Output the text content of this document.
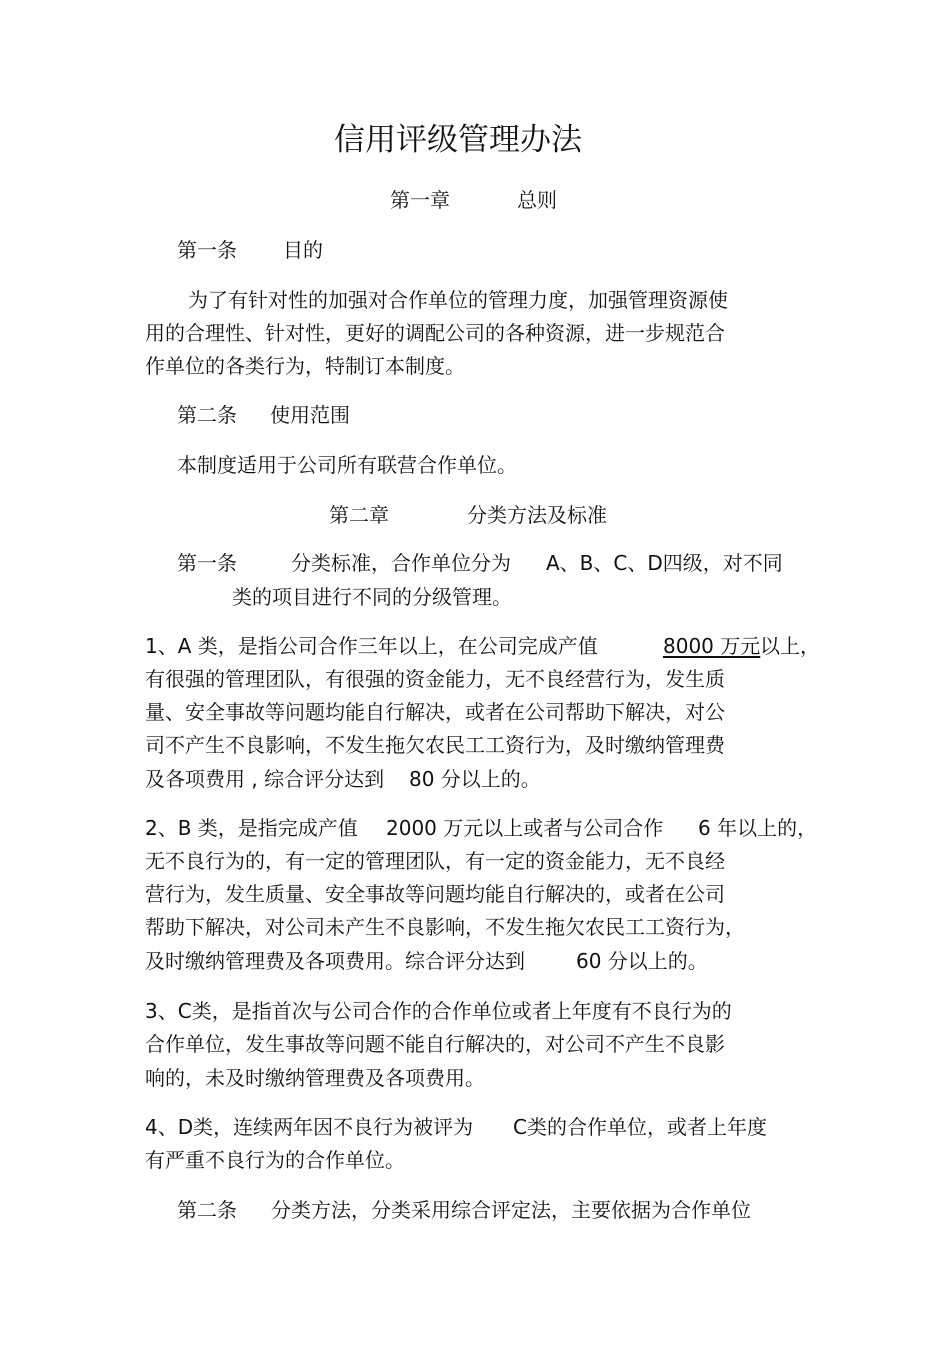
信用评级管理办法
第一章	总则
第一条 目的
为了有针对性的加强对合作单位的管理力度，加强管理资源使
用的合理性、针对性，更好的调配公司的各种资源，进一步规范合
作单位的各类行为，特制订本制度。
第二条 使用范围
本制度适用于公司所有联营合作单位。
第二章	分类方法及标准
第一条	分类标准，合作单位分为 A、B、C、D四级，对不同
类的项目进行不同的分级管理。
1、A 类，是指公司合作三年以上，在公司完成产值	8000 万元 以上，
有很强的管理团队，有很强的资金能力，无不良经营行为，发生质
量、安全事故等问题均能自行解决，或者在公司帮助下解决，对公
司不产生不良影响，不发生拖欠农民工工资行为，及时缴纳管理费
及各项费用 , 综合评分达到 80 分以上的。
2、B 类，是指完成产值 2000 万元以上或者与公司合作 6 年以上的，
无不良行为的，有一定的管理团队，有一定的资金能力，无不良经
营行为，发生质量、安全事故等问题均能自行解决的，或者在公司
帮助下解决，对公司未产生不良影响，不发生拖欠农民工工资行为，
及时缴纳管理费及各项费用。综合评分达到	60 分以上的。
3、C类，是指首次与公司合作的合作单位或者上年度有不良行为的
合作单位，发生事故等问题不能自行解决的，对公司不产生不良影
响的，未及时缴纳管理费及各项费用。
4、D类，连续两年因不良行为被评为 C类的合作单位，或者上年度
有严重不良行为的合作单位。
第二条 分类方法，分类采用综合评定法，主要依据为合作单位
